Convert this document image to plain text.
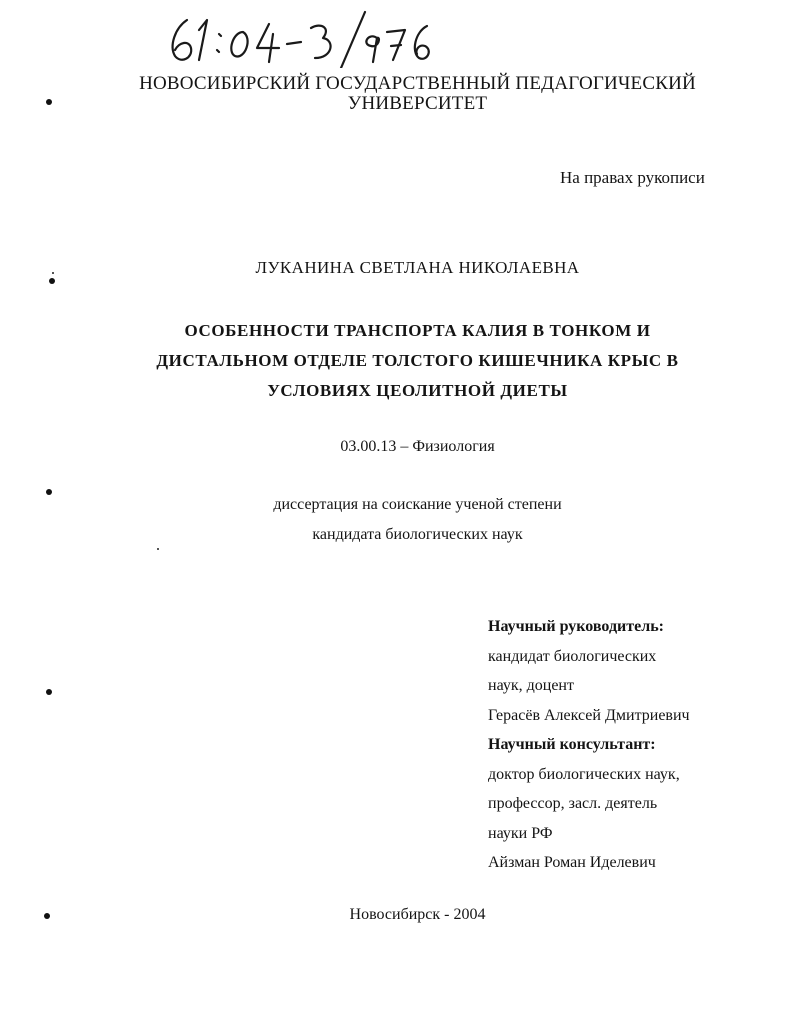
НОВОСИБИРСКИЙ ГОСУДАРСТВЕННЫЙ ПЕДАГОГИЧЕСКИЙ
УНИВЕРСИТЕТ
На правах рукописи
ЛУКАНИНА СВЕТЛАНА НИКОЛАЕВНА
ОСОБЕННОСТИ ТРАНСПОРТА КАЛИЯ В ТОНКОМ И
ДИСТАЛЬНОМ ОТДЕЛЕ ТОЛСТОГО КИШЕЧНИКА КРЫС В
УСЛОВИЯХ ЦЕОЛИТНОЙ ДИЕТЫ
03.00.13 – Физиология
диссертация на соискание ученой степени
кандидата биологических наук
Научный руководитель:
кандидат биологических
наук, доцент
Герасёв Алексей Дмитриевич
Научный консультант:
доктор биологических наук,
профессор, засл. деятель
науки РФ
Айзман Роман Иделевич
Новосибирск - 2004
